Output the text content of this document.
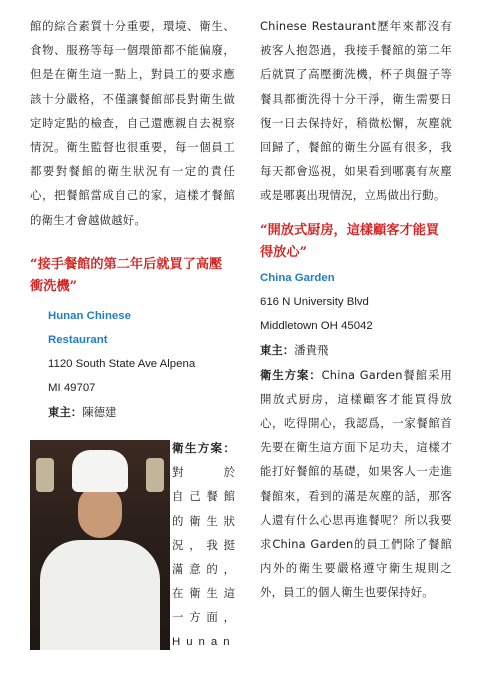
館的綜合素質十分重要，環境、衛生、食物、服務等每一個環節都不能偏廢，但是在衛生這一點上，對員工的要求應該十分嚴格，不僅讓餐館部長對衛生做定時定點的檢查，自己還應親自去視察情況。衛生監督也很重要，每一個員工都要對餐館的衛生狀況有一定的責任心，把餐館當成自己的家，這樣才餐館的衛生才會越做越好。

“接手餐館的第二年后就買了高壓衝洗機”

Hunan Chinese

Restaurant

1120 South State Ave Alpena

MI 49707

東主：陳德建

衛生方案：

對於

自己餐館

的衛生狀

況，我挺

滿意的，

在衛生這

一方面，

Hunan

Chinese Restaurant歷年來都沒有被客人抱怨過，我接手餐館的第二年后就買了高壓衝洗機，杯子與盤子等餐具都衝洗得十分干淨，衛生需要日復一日去保持好，稍微松懈，灰塵就回歸了，餐館的衛生分區有很多，我每天都會巡視，如果看到哪裏有灰塵或是哪裏出現情況，立馬做出行動。

“開放式厨房，這樣顧客才能買得放心”

China Garden

616 N University Blvd

Middletown OH 45042

東主：潘貴飛

衛生方案：China Garden餐館采用開放式厨房，這樣顧客才能買得放心，吃得開心，我認爲，一家餐館首先要在衛生這方面下足功夫，這樣才能打好餐館的基礎，如果客人一走進餐館來，看到的滿是灰塵的話，那客人還有什么心思再進餐呢？所以我要求China Garden的員工們除了餐館内外的衛生要嚴格遵守衛生規則之外，員工的個人衛生也要保持好。
